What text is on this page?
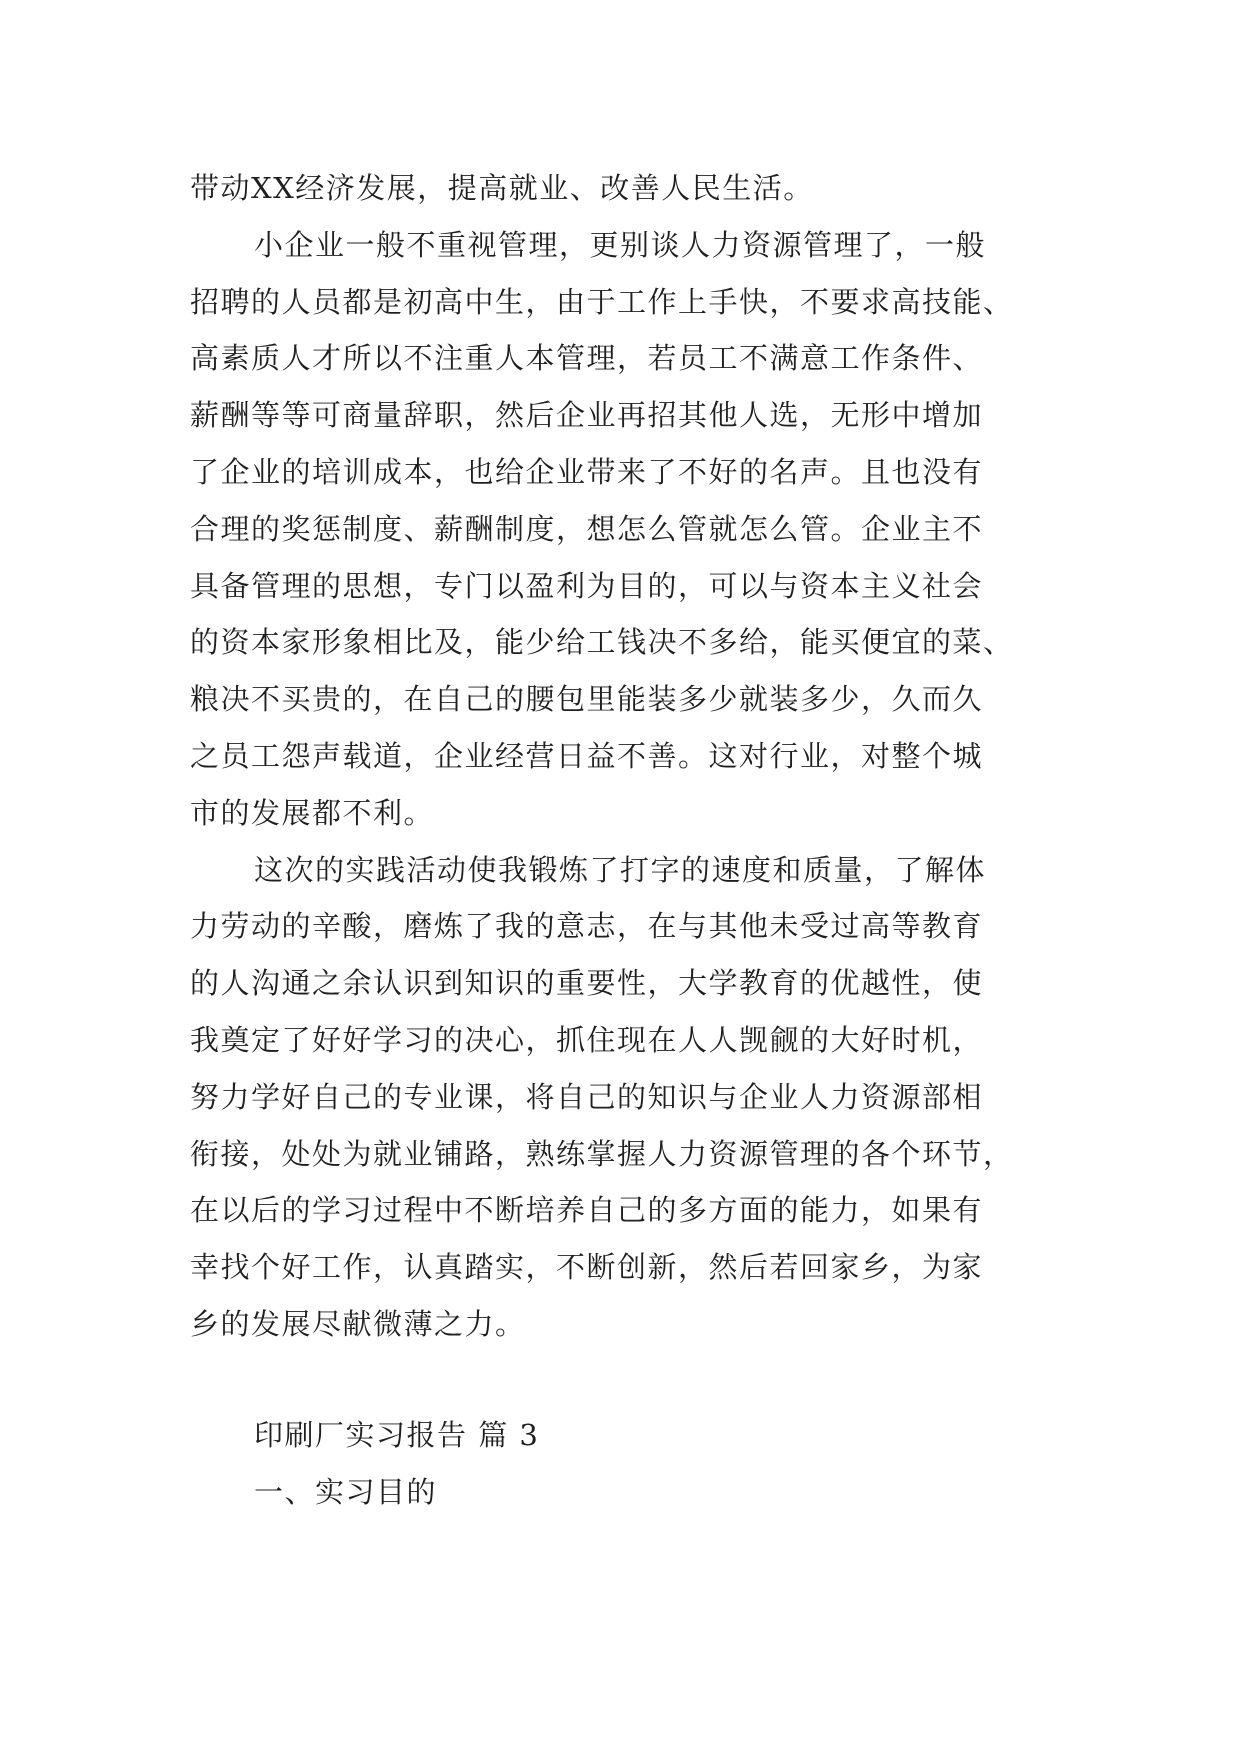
带动XX经济发展，提高就业、改善人民生活。
小企业一般不重视管理，更别谈人力资源管理了，一般
招聘的人员都是初高中生，由于工作上手快，不要求高技能、
高素质人才所以不注重人本管理，若员工不满意工作条件、
薪酬等等可商量辞职，然后企业再招其他人选，无形中增加
了企业的培训成本，也给企业带来了不好的名声。且也没有
合理的奖惩制度、薪酬制度，想怎么管就怎么管。企业主不
具备管理的思想，专门以盈利为目的，可以与资本主义社会
的资本家形象相比及，能少给工钱决不多给，能买便宜的菜、
粮决不买贵的，在自己的腰包里能装多少就装多少，久而久
之员工怨声载道，企业经营日益不善。这对行业，对整个城
市的发展都不利。
这次的实践活动使我锻炼了打字的速度和质量，了解体
力劳动的辛酸，磨炼了我的意志，在与其他未受过高等教育
的人沟通之余认识到知识的重要性，大学教育的优越性，使
我奠定了好好学习的决心，抓住现在人人觊觎的大好时机，
努力学好自己的专业课，将自己的知识与企业人力资源部相
衔接，处处为就业铺路，熟练掌握人力资源管理的各个环节，
在以后的学习过程中不断培养自己的多方面的能力，如果有
幸找个好工作，认真踏实，不断创新，然后若回家乡，为家
乡的发展尽献微薄之力。
印刷厂实习报告 篇 3
一、实习目的
